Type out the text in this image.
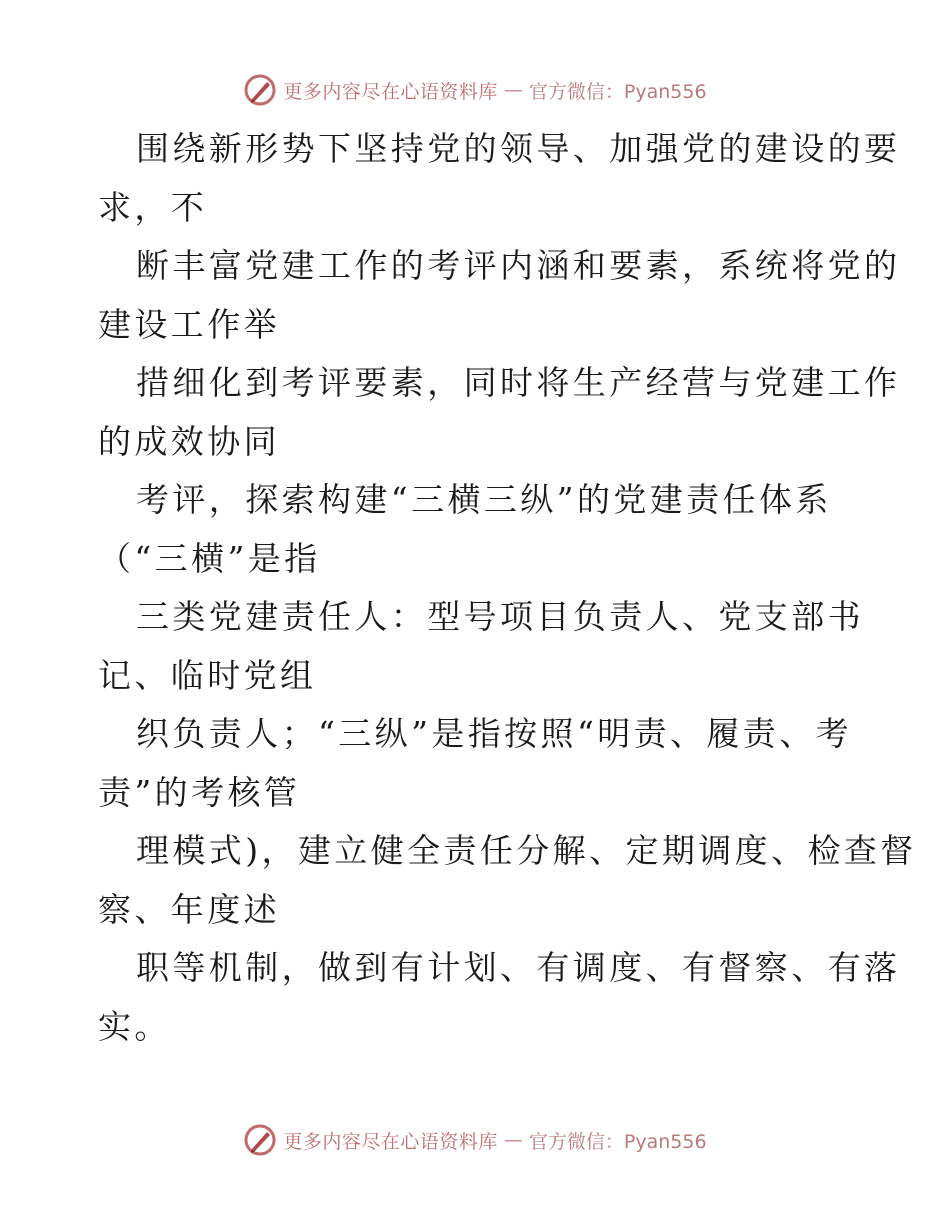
更多内容尽在心语资料库 — 官方微信：Pyan556

围绕新形势下坚持党的领导、加强党的建设的要
求，不

断丰富党建工作的考评内涵和要素，系统将党的
建设工作举

措细化到考评要素，同时将生产经营与党建工作
的成效协同

考评，探索构建“三横三纵”的党建责任体系
（“三横”是指

三类党建责任人：型号项目负责人、党支部书
记、临时党组

织负责人；“三纵”是指按照“明责、履责、考
责”的考核管

理模式)，建立健全责任分解、定期调度、检查督
察、年度述

职等机制，做到有计划、有调度、有督察、有落
实。

更多内容尽在心语资料库 — 官方微信：Pyan556
